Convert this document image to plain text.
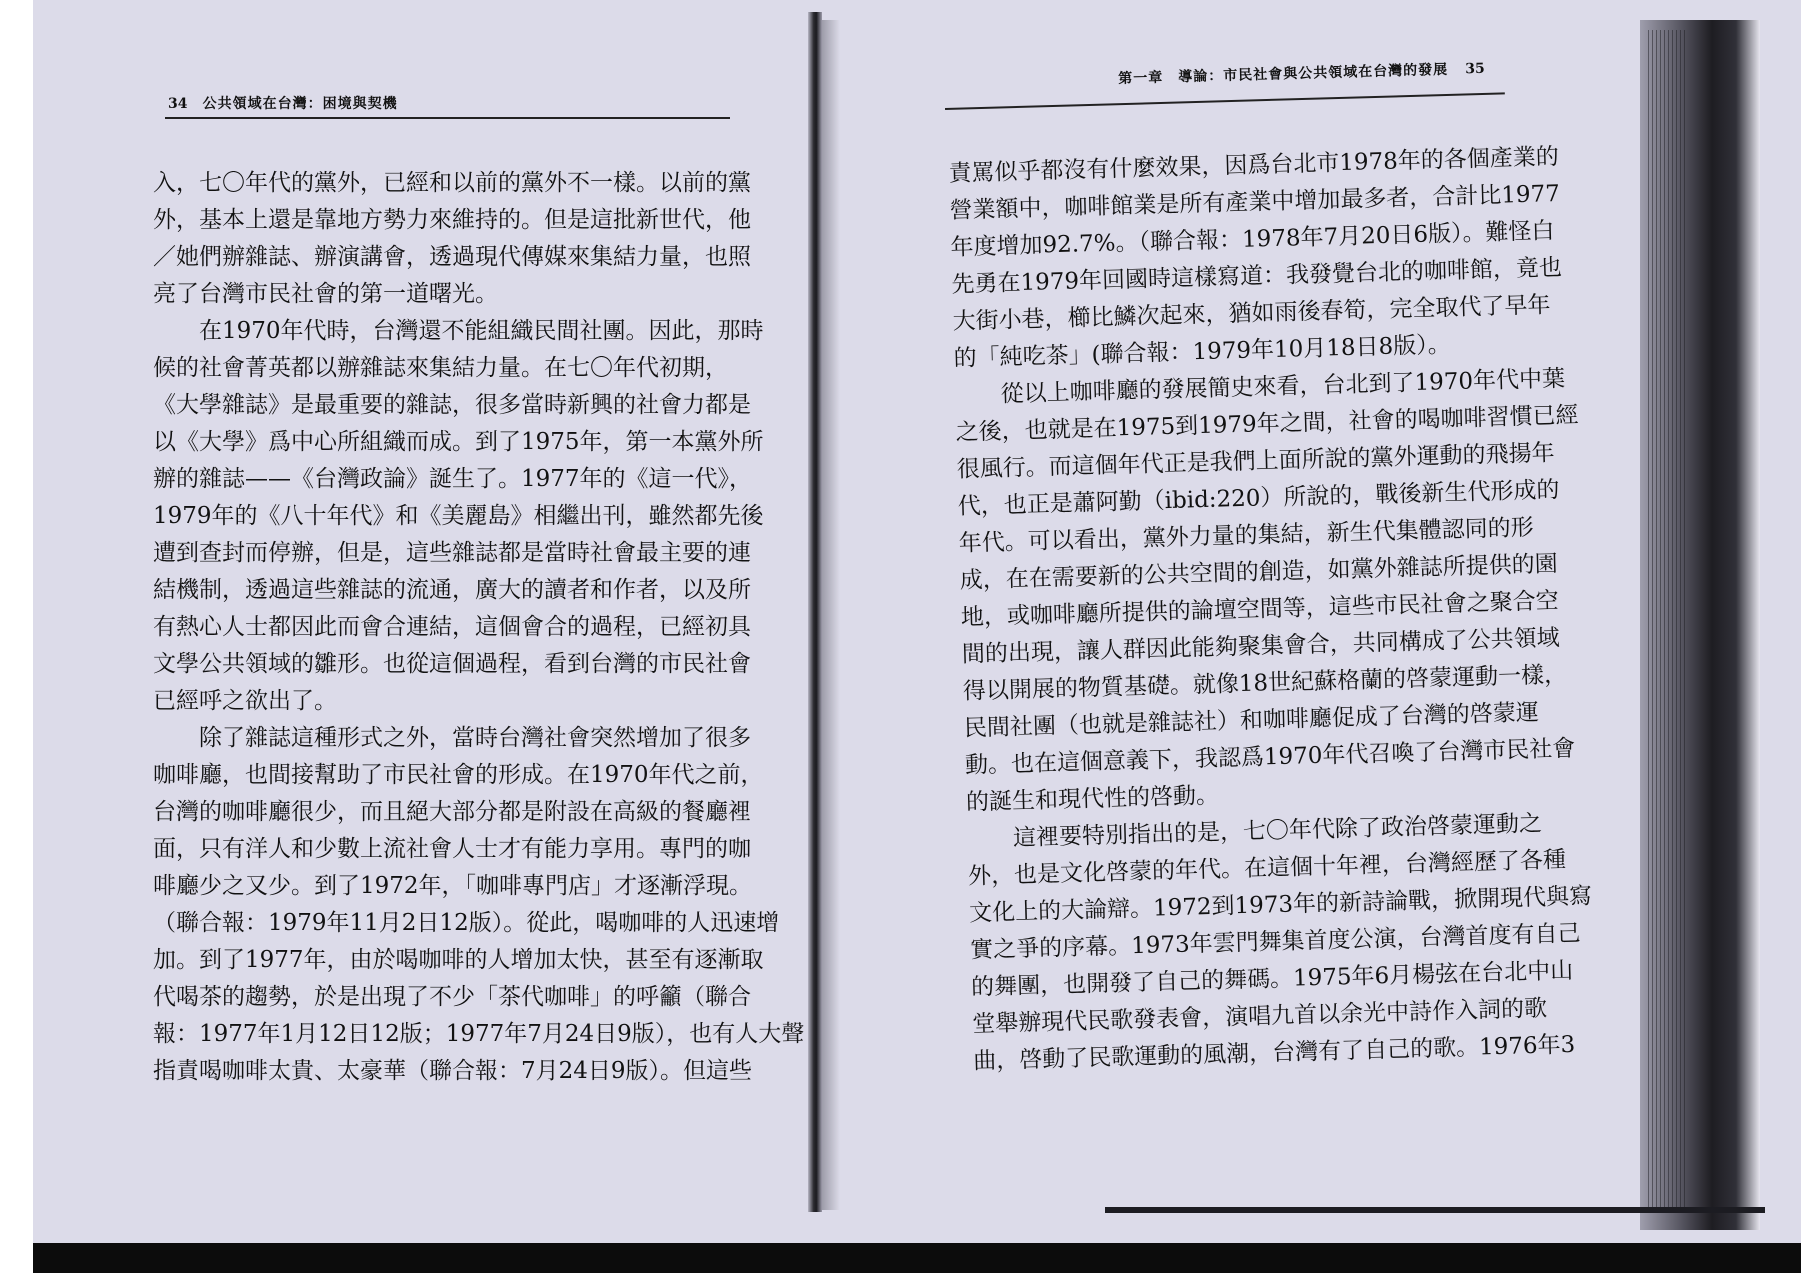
34 公共領域在台灣：困境與契機
入，七〇年代的黨外，已經和以前的黨外不一樣。以前的黨
外，基本上還是靠地方勢力來維持的。但是這批新世代，他
／她們辦雜誌、辦演講會，透過現代傳媒來集結力量，也照
亮了台灣市民社會的第一道曙光。
在1970年代時，台灣還不能組織民間社團。因此，那時
候的社會菁英都以辦雜誌來集結力量。在七〇年代初期，
《大學雜誌》是最重要的雜誌，很多當時新興的社會力都是
以《大學》爲中心所組織而成。到了1975年，第一本黨外所
辦的雜誌——《台灣政論》誕生了。1977年的《這一代》，
1979年的《八十年代》和《美麗島》相繼出刊，雖然都先後
遭到查封而停辦，但是，這些雜誌都是當時社會最主要的連
結機制，透過這些雜誌的流通，廣大的讀者和作者，以及所
有熱心人士都因此而會合連結，這個會合的過程，已經初具
文學公共領域的雛形。也從這個過程，看到台灣的市民社會
已經呼之欲出了。
除了雜誌這種形式之外，當時台灣社會突然增加了很多
咖啡廳，也間接幫助了市民社會的形成。在1970年代之前，
台灣的咖啡廳很少，而且絕大部分都是附設在高級的餐廳裡
面，只有洋人和少數上流社會人士才有能力享用。專門的咖
啡廳少之又少。到了1972年，「咖啡專門店」才逐漸浮現。
（聯合報：1979年11月2日12版）。從此，喝咖啡的人迅速增
加。到了1977年，由於喝咖啡的人增加太快，甚至有逐漸取
代喝茶的趨勢，於是出現了不少「茶代咖啡」的呼籲（聯合
報：1977年1月12日12版；1977年7月24日9版），也有人大聲
指責喝咖啡太貴、太豪華（聯合報：7月24日9版）。但這些
第一章　導論：市民社會與公共領域在台灣的發展 35
責罵似乎都沒有什麼效果，因爲台北市1978年的各個產業的
營業額中，咖啡館業是所有產業中增加最多者，合計比1977
年度增加92.7%。（聯合報：1978年7月20日6版）。難怪白
先勇在1979年回國時這樣寫道：我發覺台北的咖啡館，竟也
大街小巷，櫛比鱗次起來，猶如雨後春筍，完全取代了早年
的「純吃茶」(聯合報：1979年10月18日8版）。
從以上咖啡廳的發展簡史來看，台北到了1970年代中葉
之後，也就是在1975到1979年之間，社會的喝咖啡習慣已經
很風行。而這個年代正是我們上面所說的黨外運動的飛揚年
代，也正是蕭阿勤（ibid:220）所說的，戰後新生代形成的
年代。可以看出，黨外力量的集結，新生代集體認同的形
成，在在需要新的公共空間的創造，如黨外雜誌所提供的園
地，或咖啡廳所提供的論壇空間等，這些市民社會之聚合空
間的出現，讓人群因此能夠聚集會合，共同構成了公共領域
得以開展的物質基礎。就像18世紀蘇格蘭的啓蒙運動一樣，
民間社團（也就是雜誌社）和咖啡廳促成了台灣的啓蒙運
動。也在這個意義下，我認爲1970年代召喚了台灣市民社會
的誕生和現代性的啓動。
這裡要特別指出的是，七〇年代除了政治啓蒙運動之
外，也是文化啓蒙的年代。在這個十年裡，台灣經歷了各種
文化上的大論辯。1972到1973年的新詩論戰，掀開現代與寫
實之爭的序幕。1973年雲門舞集首度公演，台灣首度有自己
的舞團，也開發了自己的舞碼。1975年6月楊弦在台北中山
堂舉辦現代民歌發表會，演唱九首以余光中詩作入詞的歌
曲，啓動了民歌運動的風潮，台灣有了自己的歌。1976年3
